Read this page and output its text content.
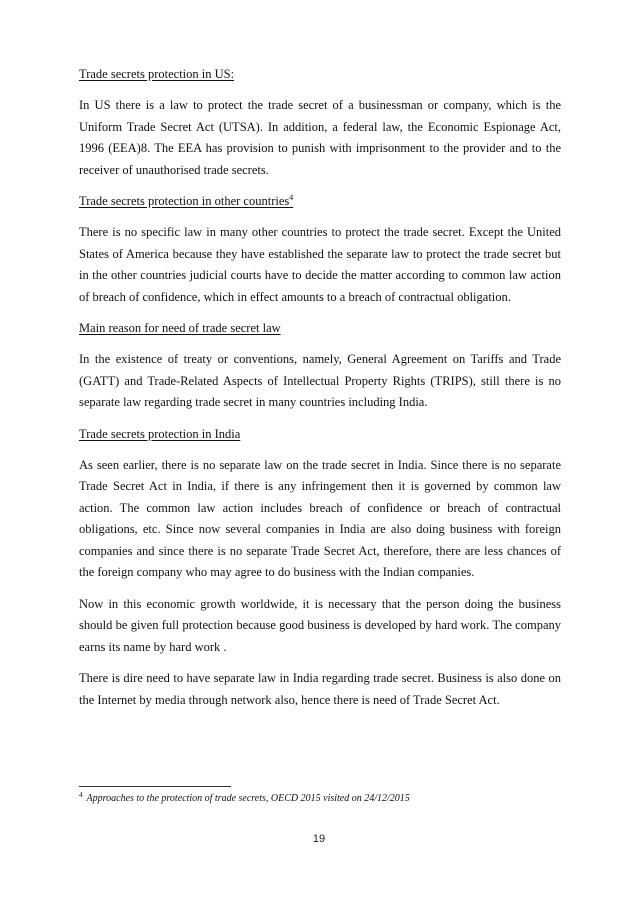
Trade secrets protection in US:

In US there is a law to protect the trade secret of a businessman or company, which is the Uniform Trade Secret Act (UTSA). In addition, a federal law, the Economic Espionage Act, 1996 (EEA)8. The EEA has provision to punish with imprisonment to the provider and to the receiver of unauthorised trade secrets.

Trade secrets protection in other countries$^4$

There is no specific law in many other countries to protect the trade secret. Except the United States of America because they have established the separate law to protect the trade secret but in the other countries judicial courts have to decide the matter according to common law action of breach of confidence, which in effect amounts to a breach of contractual obligation.

Main reason for need of trade secret law

In the existence of treaty or conventions, namely, General Agreement on Tariffs and Trade (GATT) and Trade-Related Aspects of Intellectual Property Rights (TRIPS), still there is no separate law regarding trade secret in many countries including India.

Trade secrets protection in India

As seen earlier, there is no separate law on the trade secret in India. Since there is no separate Trade Secret Act in India, if there is any infringement then it is governed by common law action. The common law action includes breach of confidence or breach of contractual obligations, etc. Since now several companies in India are also doing business with foreign companies and since there is no separate Trade Secret Act, therefore, there are less chances of the foreign company who may agree to do business with the Indian companies.

Now in this economic growth worldwide, it is necessary that the person doing the business should be given full protection because good business is developed by hard work. The company earns its name by hard work .

There is dire need to have separate law in India regarding trade secret. Business is also done on the Internet by media through network also, hence there is need of Trade Secret Act.

$^4$ Approaches to the protection of trade secrets, OECD 2015 visited on 24/12/2015
19
